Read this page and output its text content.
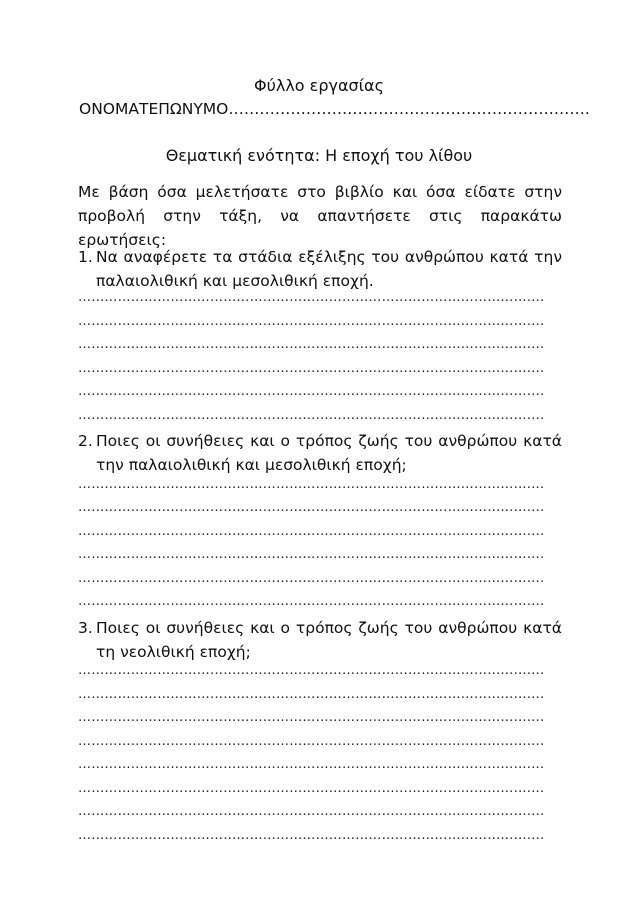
Φύλλο εργασίας
ΟΝΟΜΑΤΕΠΩΝΥΜΟ…………………………………………………………….
Θεματική ενότητα: Η εποχή του λίθου
Με βάση όσα μελετήσατε στο βιβλίο και όσα είδατε στην προβολή στην τάξη, να απαντήσετε στις παρακάτω ερωτήσεις:
1. Να αναφέρετε τα στάδια εξέλιξης του ανθρώπου κατά την παλαιολιθική και μεσολιθική εποχή.
…………………………………………………………………………………………….
…………………………………………………………………………………………….
…………………………………………………………………………………………….
…………………………………………………………………………………………….
…………………………………………………………………………………………….
…………………………………………………………………………………………….
2. Ποιες οι συνήθειες και ο τρόπος ζωής του ανθρώπου κατά την παλαιολιθική και μεσολιθική εποχή;
…………………………………………………………………………………………….
…………………………………………………………………………………………….
…………………………………………………………………………………………….
…………………………………………………………………………………………….
…………………………………………………………………………………………….
…………………………………………………………………………………………….
3. Ποιες οι συνήθειες και ο τρόπος ζωής του ανθρώπου κατά τη νεολιθική εποχή;
…………………………………………………………………………………………….
…………………………………………………………………………………………….
…………………………………………………………………………………………….
…………………………………………………………………………………………….
…………………………………………………………………………………………….
…………………………………………………………………………………………….
…………………………………………………………………………………………….
…………………………………………………………………………………………….
